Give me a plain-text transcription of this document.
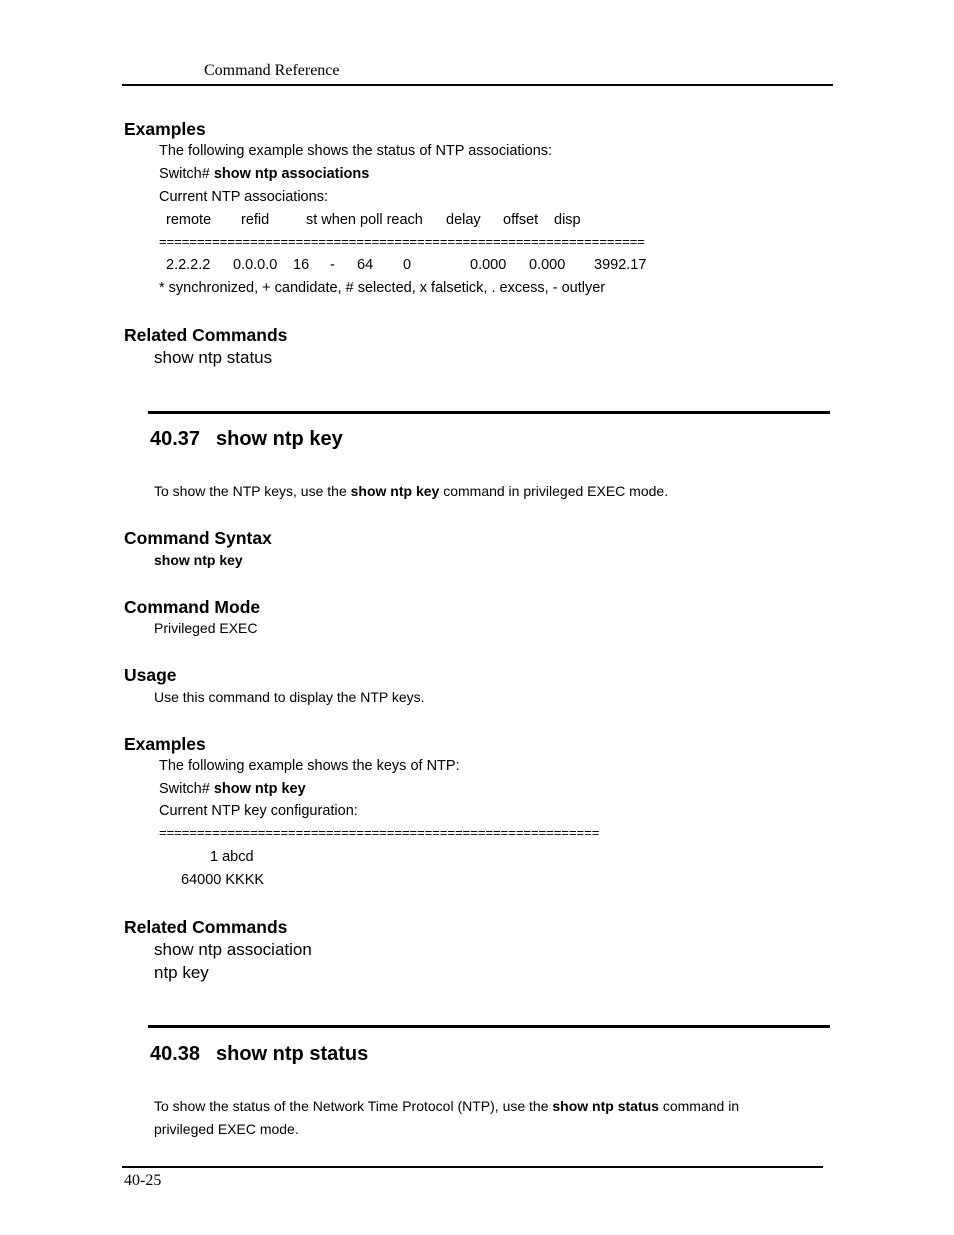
Command Reference
Examples
The following example shows the status of NTP associations:
Switch# show ntp associations
Current NTP associations:
remote refid	st when poll reach delay offset disp
================================================================
2.2.2.2 0.0.0.0 16 - 64 0	0.000 0.000 3992.17
* synchronized, + candidate, # selected, x falsetick, . excess, - outlyer
Related Commands
show ntp status
40.37 show ntp key
To show the NTP keys, use the show ntp key command in privileged EXEC mode.
Command Syntax
show ntp key
Command Mode
Privileged EXEC
Usage
Use this command to display the NTP keys.
Examples
The following example shows the keys of NTP:
Switch# show ntp key
Current NTP key configuration:
==========================================================
1 abcd
64000 KKKK
Related Commands
show ntp association
ntp key
40.38 show ntp status
To show the status of the Network Time Protocol (NTP), use the show ntp status command in
privileged EXEC mode.
40-25
